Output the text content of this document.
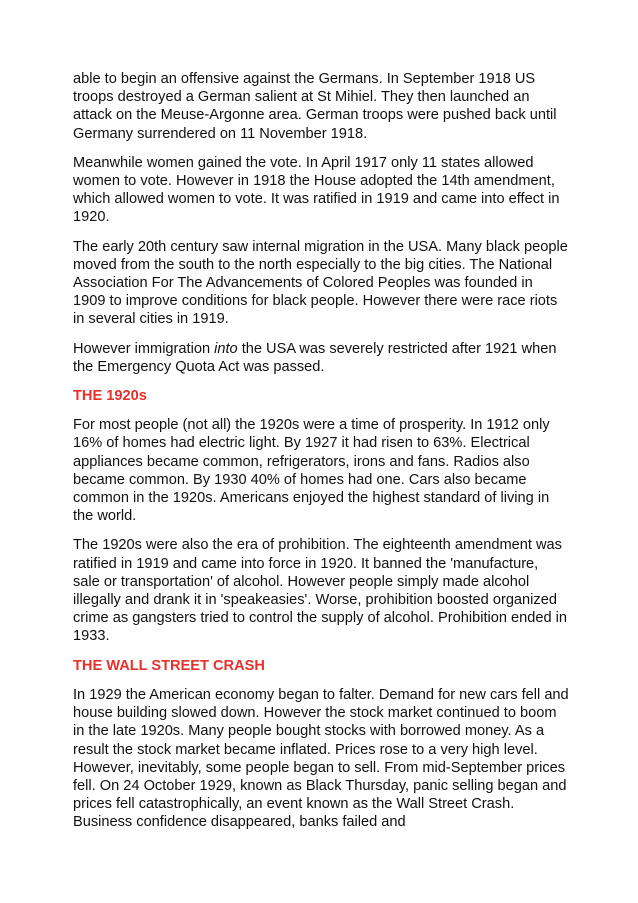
able to begin an offensive against the Germans. In September 1918 US troops destroyed a German salient at St Mihiel. They then launched an attack on the Meuse-Argonne area. German troops were pushed back until Germany surrendered on 11 November 1918.

Meanwhile women gained the vote. In April 1917 only 11 states allowed women to vote. However in 1918 the House adopted the 14th amendment, which allowed women to vote. It was ratified in 1919 and came into effect in 1920.

The early 20th century saw internal migration in the USA. Many black people moved from the south to the north especially to the big cities. The National Association For The Advancements of Colored Peoples was founded in 1909 to improve conditions for black people. However there were race riots in several cities in 1919.

However immigration into the USA was severely restricted after 1921 when the Emergency Quota Act was passed.

THE 1920s

For most people (not all) the 1920s were a time of prosperity. In 1912 only 16% of homes had electric light. By 1927 it had risen to 63%. Electrical appliances became common, refrigerators, irons and fans. Radios also became common. By 1930 40% of homes had one. Cars also became common in the 1920s. Americans enjoyed the highest standard of living in the world.

The 1920s were also the era of prohibition. The eighteenth amendment was ratified in 1919 and came into force in 1920. It banned the 'manufacture, sale or transportation' of alcohol. However people simply made alcohol illegally and drank it in 'speakeasies'. Worse, prohibition boosted organized crime as gangsters tried to control the supply of alcohol. Prohibition ended in 1933.

THE WALL STREET CRASH

In 1929 the American economy began to falter. Demand for new cars fell and house building slowed down. However the stock market continued to boom in the late 1920s. Many people bought stocks with borrowed money. As a result the stock market became inflated. Prices rose to a very high level. However, inevitably, some people began to sell. From mid-September prices fell. On 24 October 1929, known as Black Thursday, panic selling began and prices fell catastrophically, an event known as the Wall Street Crash. Business confidence disappeared, banks failed and
